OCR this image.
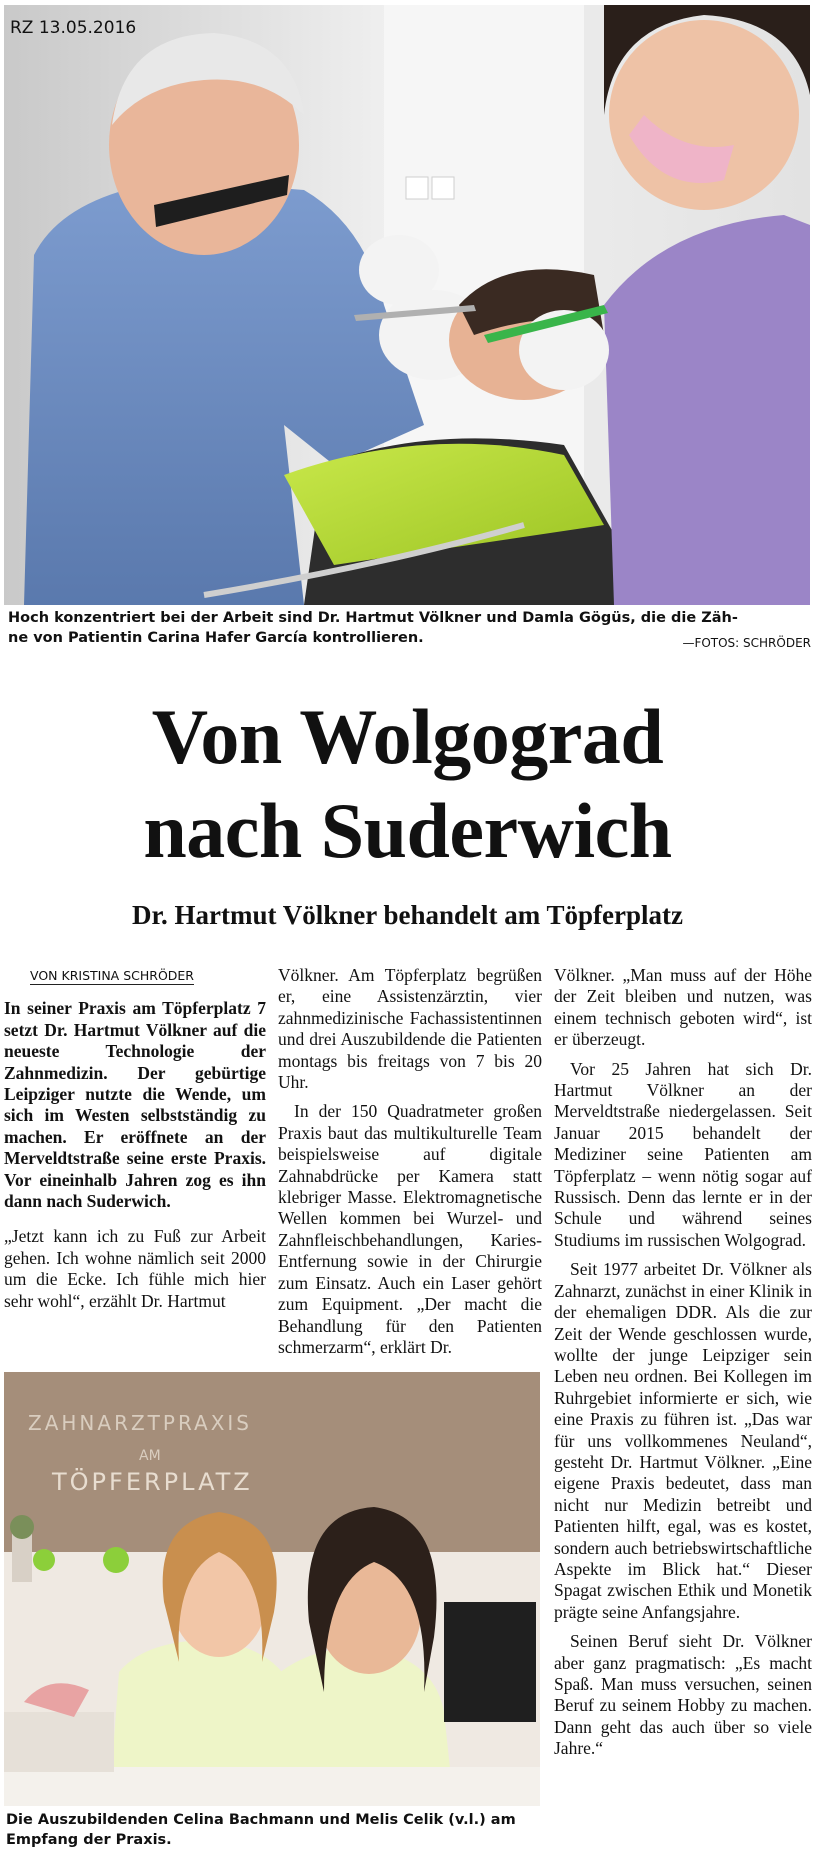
RZ 13.05.2016
Hoch konzentriert bei der Arbeit sind Dr. Hartmut Völkner und Damla Gögüs, die die Zäh-
ne von Patientin Carina Hafer García kontrollieren.	—FOTOS: SCHRÖDER
Von Wolgograd
nach Suderwich
Dr. Hartmut Völkner behandelt am Töpferplatz
VON KRISTINA SCHRÖDER

In seiner Praxis am Töpferplatz 7 setzt Dr. Hartmut Völkner auf die neueste Technologie der Zahnmedizin. Der gebürtige Leipziger nutzte die Wende, um sich im Westen selbstständig zu machen. Er eröffnete an der Merveldtstraße seine erste Praxis. Vor eineinhalb Jahren zog es ihn dann nach Suderwich.

„Jetzt kann ich zu Fuß zur Arbeit gehen. Ich wohne nämlich seit 2000 um die Ecke. Ich fühle mich hier sehr wohl“, erzählt Dr. Hartmut

Völkner. Am Töpferplatz begrüßen er, eine Assistenzärztin, vier zahnmedizinische Fachassistentinnen und drei Auszubildende die Patienten montags bis freitags von 7 bis 20 Uhr.

In der 150 Quadratmeter großen Praxis baut das multikulturelle Team beispielsweise auf digitale Zahnabdrücke per Kamera statt klebriger Masse. Elektromagnetische Wellen kommen bei Wurzel- und Zahnfleischbehandlungen, Karies-Entfernung sowie in der Chirurgie zum Einsatz. Auch ein Laser gehört zum Equipment. „Der macht die Behandlung für den Patienten schmerzarm“, erklärt Dr.

Völkner. „Man muss auf der Höhe der Zeit bleiben und nutzen, was einem technisch geboten wird“, ist er überzeugt.

Vor 25 Jahren hat sich Dr. Hartmut Völkner an der Merveldtstraße niedergelassen. Seit Januar 2015 behandelt der Mediziner seine Patienten am Töpferplatz – wenn nötig sogar auf Russisch. Denn das lernte er in der Schule und während seines Studiums im russischen Wolgograd.

Seit 1977 arbeitet Dr. Völkner als Zahnarzt, zunächst in einer Klinik in der ehemaligen DDR. Als die zur Zeit der Wende geschlossen wurde, wollte der junge Leipziger sein Leben neu ordnen. Bei Kollegen im Ruhrgebiet informierte er sich, wie eine Praxis zu führen ist. „Das war für uns vollkommenes Neuland“, gesteht Dr. Hartmut Völkner. „Eine eigene Praxis bedeutet, dass man nicht nur Medizin betreibt und Patienten hilft, egal, was es kostet, sondern auch betriebswirtschaftliche Aspekte im Blick hat.“ Dieser Spagat zwischen Ethik und Monetik prägte seine Anfangsjahre.

Seinen Beruf sieht Dr. Völkner aber ganz pragmatisch: „Es macht Spaß. Man muss versuchen, seinen Beruf zu seinem Hobby zu machen. Dann geht das auch über so viele Jahre.“

ZAHNARZTPRAXIS
AM
TÖPFERPLATZ
Die Auszubildenden Celina Bachmann und Melis Celik (v.l.) am Empfang der Praxis.
